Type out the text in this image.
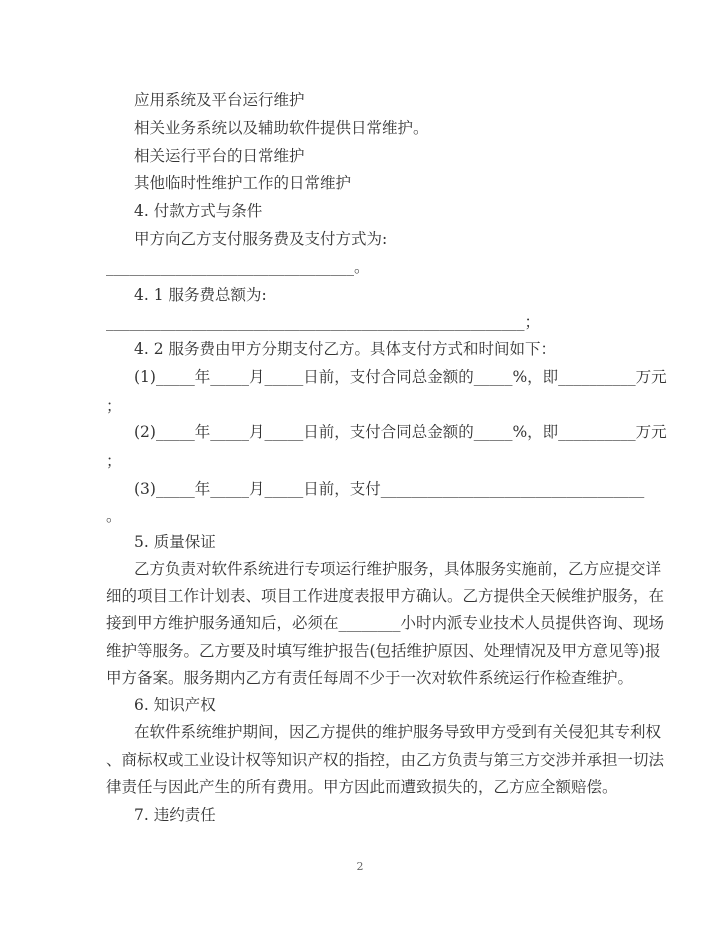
应用系统及平台运行维护
相关业务系统以及辅助软件提供日常维护。
相关运行平台的日常维护
其他临时性维护工作的日常维护
4. 付款方式与条件
甲方向乙方支付服务费及支付方式为:
________________________________。
4. 1 服务费总额为:
______________________________________________________；
4. 2 服务费由甲方分期支付乙方。具体支付方式和时间如下：
(1)_____年_____月_____日前，支付合同总金额的_____%，即__________万元
；
(2)_____年_____月_____日前，支付合同总金额的_____%，即__________万元
；
(3)_____年_____月_____日前，支付__________________________________
。
5. 质量保证
乙方负责对软件系统进行专项运行维护服务，具体服务实施前，乙方应提交详
细的项目工作计划表、项目工作进度表报甲方确认。乙方提供全天候维护服务，在
接到甲方维护服务通知后，必须在________小时内派专业技术人员提供咨询、现场
维护等服务。乙方要及时填写维护报告(包括维护原因、处理情况及甲方意见等)报
甲方备案。服务期内乙方有责任每周不少于一次对软件系统运行作检查维护。
6. 知识产权
在软件系统维护期间，因乙方提供的维护服务导致甲方受到有关侵犯其专利权
、商标权或工业设计权等知识产权的指控，由乙方负责与第三方交涉并承担一切法
律责任与因此产生的所有费用。甲方因此而遭致损失的，乙方应全额赔偿。
7. 违约责任
2
